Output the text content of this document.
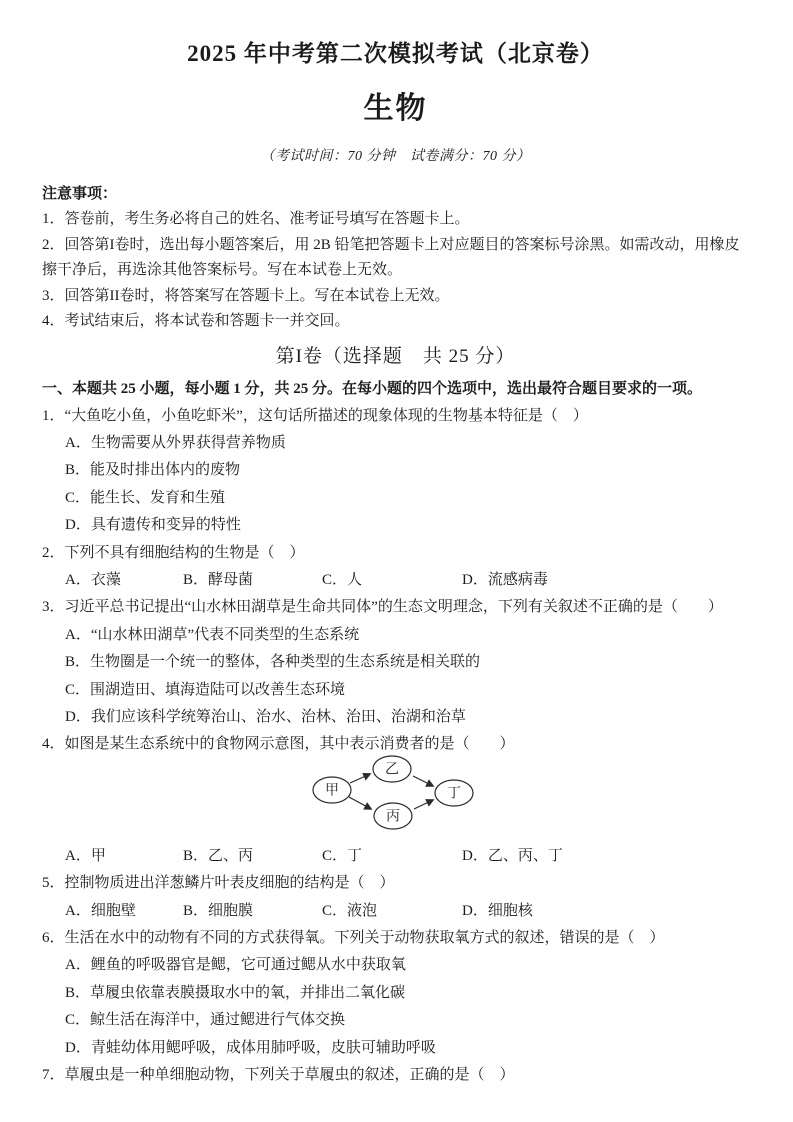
2025 年中考第二次模拟考试（北京卷）
生物
（考试时间：70 分钟　试卷满分：70 分）
注意事项：
1．答卷前，考生务必将自己的姓名、准考证号填写在答题卡上。
2．回答第I卷时，选出每小题答案后，用 2B 铅笔把答题卡上对应题目的答案标号涂黑。如需改动，用橡皮擦干净后，再选涂其他答案标号。写在本试卷上无效。
3．回答第II卷时，将答案写在答题卡上。写在本试卷上无效。
4．考试结束后，将本试卷和答题卡一并交回。
第I卷（选择题　共 25 分）
一、本题共 25 小题，每小题 1 分，共 25 分。在每小题的四个选项中，选出最符合题目要求的一项。
1．“大鱼吃小鱼，小鱼吃虾米”，这句话所描述的现象体现的生物基本特征是（　）
A．生物需要从外界获得营养物质
B．能及时排出体内的废物
C．能生长、发育和生殖
D．具有遗传和变异的特性
2．下列不具有细胞结构的生物是（　）
A．衣藻	B．酵母菌	C．人	D．流感病毒
3．习近平总书记提出“山水林田湖草是生命共同体”的生态文明理念，下列有关叙述不正确的是（　　）
A．“山水林田湖草”代表不同类型的生态系统
B．生物圈是一个统一的整体，各种类型的生态系统是相关联的
C．围湖造田、填海造陆可以改善生态环境
D．我们应该科学统筹治山、治水、治林、治田、治湖和治草
4．如图是某生态系统中的食物网示意图，其中表示消费者的是（　　）
甲
乙
丙
丁
A．甲	B．乙、丙	C．丁	D．乙、丙、丁
5．控制物质进出洋葱鳞片叶表皮细胞的结构是（　）
A．细胞壁	B．细胞膜	C．液泡	D．细胞核
6．生活在水中的动物有不同的方式获得氧。下列关于动物获取氧方式的叙述，错误的是（　）
A．鲤鱼的呼吸器官是鳃，它可通过鳃从水中获取氧
B．草履虫依靠表膜摄取水中的氧，并排出二氧化碳
C．鲸生活在海洋中，通过鳃进行气体交换
D．青蛙幼体用鳃呼吸，成体用肺呼吸，皮肤可辅助呼吸
7．草履虫是一种单细胞动物，下列关于草履虫的叙述，正确的是（　）
